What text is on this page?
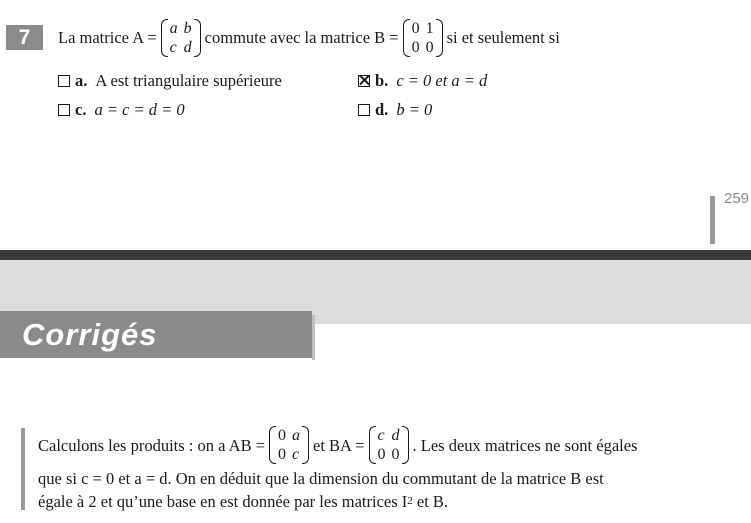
7	La matrice A = a b
c d
commute avec la matrice B = 0 1
0 0
si et seulement si
a. A est triangulaire supérieure	b. c = 0 et a = d
c. a = c = d = 0	d. b = 0
259
Corrigés
Calculons les produits : on a AB = 0 a
0 c et BA = c d
0 0 . Les deux matrices ne sont égales
que si c = 0 et a = d. On en déduit que la dimension du commutant de la matrice B est
égale à 2 et qu’une base en est donnée par les matrices I 2
et B.
